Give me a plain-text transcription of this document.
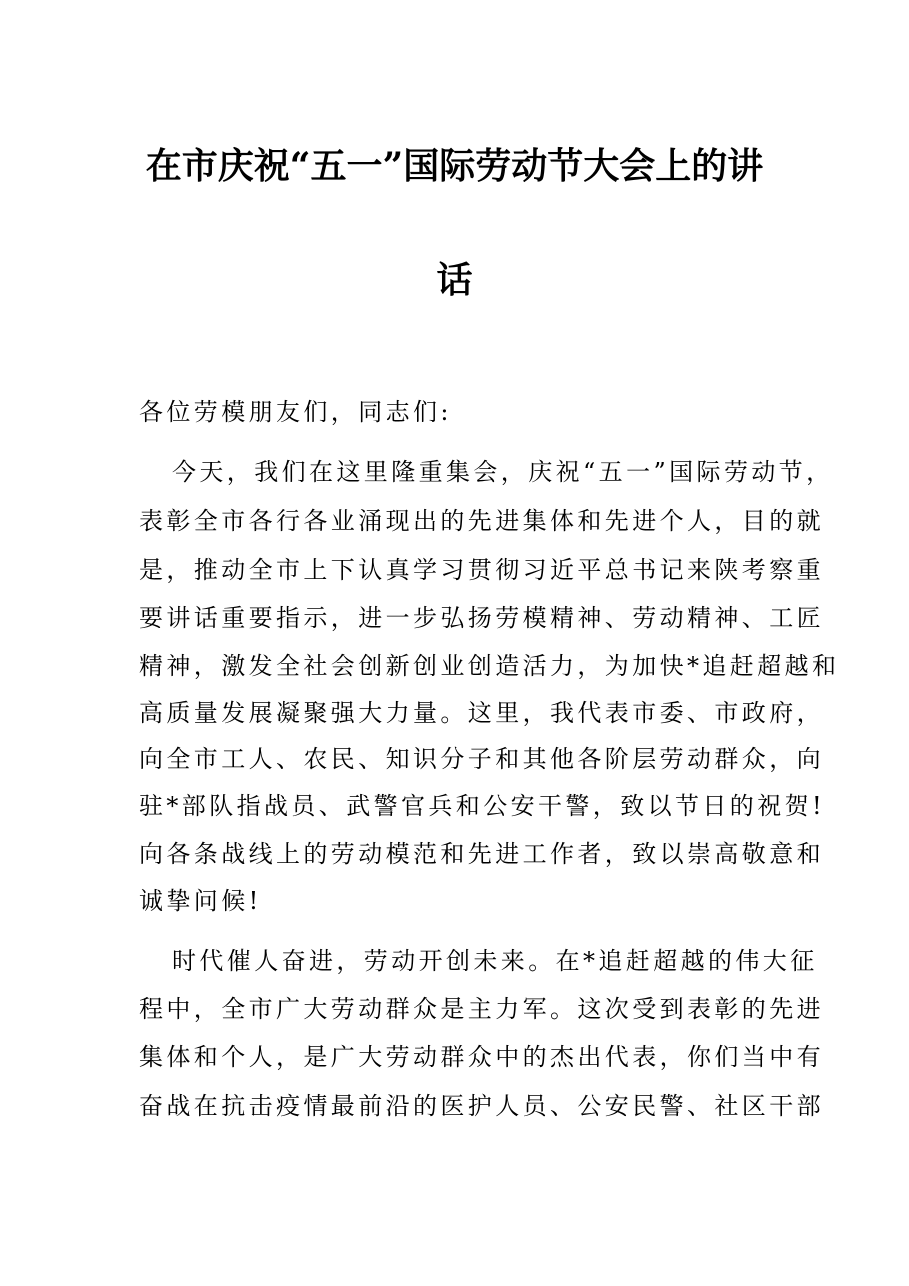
在市庆祝“五一”国际劳动节大会上的讲
话
各位劳模朋友们，同志们:
今天，我们在这里隆重集会，庆祝“五一”国际劳动节，
表彰全市各行各业涌现出的先进集体和先进个人，目的就
是，推动全市上下认真学习贯彻习近平总书记来陕考察重
要讲话重要指示，进一步弘扬劳模精神、劳动精神、工匠
精神，激发全社会创新创业创造活力，为加快*追赶超越和
高质量发展凝聚强大力量。这里，我代表市委、市政府，
向全市工人、农民、知识分子和其他各阶层劳动群众，向
驻*部队指战员、武警官兵和公安干警，致以节日的祝贺!
向各条战线上的劳动模范和先进工作者，致以崇高敬意和
诚挚问候!
时代催人奋进，劳动开创未来。在*追赶超越的伟大征
程中，全市广大劳动群众是主力军。这次受到表彰的先进
集体和个人，是广大劳动群众中的杰出代表，你们当中有
奋战在抗击疫情最前沿的医护人员、公安民警、社区干部
